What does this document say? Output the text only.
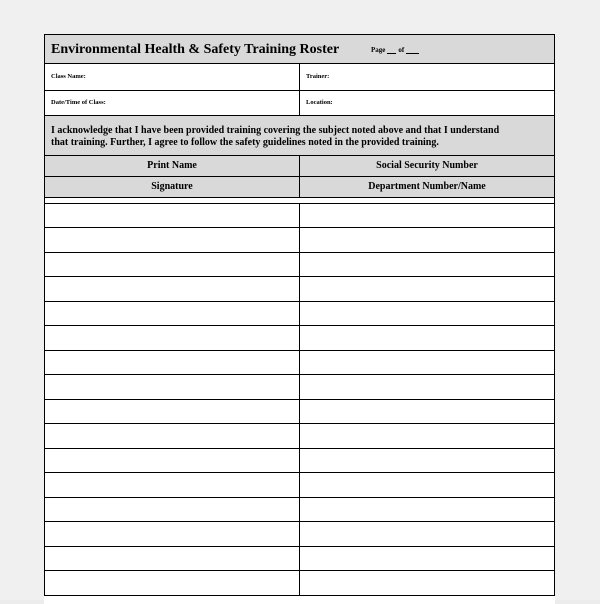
Environmental Health & Safety Training Roster	Page of
Class Name:	Trainer:
Date/Time of Class:	Location:
I acknowledge that I have been provided training covering the subject noted above and that I understand
that training. Further, I agree to follow the safety guidelines noted in the provided training.
Print Name	Social Security Number
Signature	Department Number/Name
